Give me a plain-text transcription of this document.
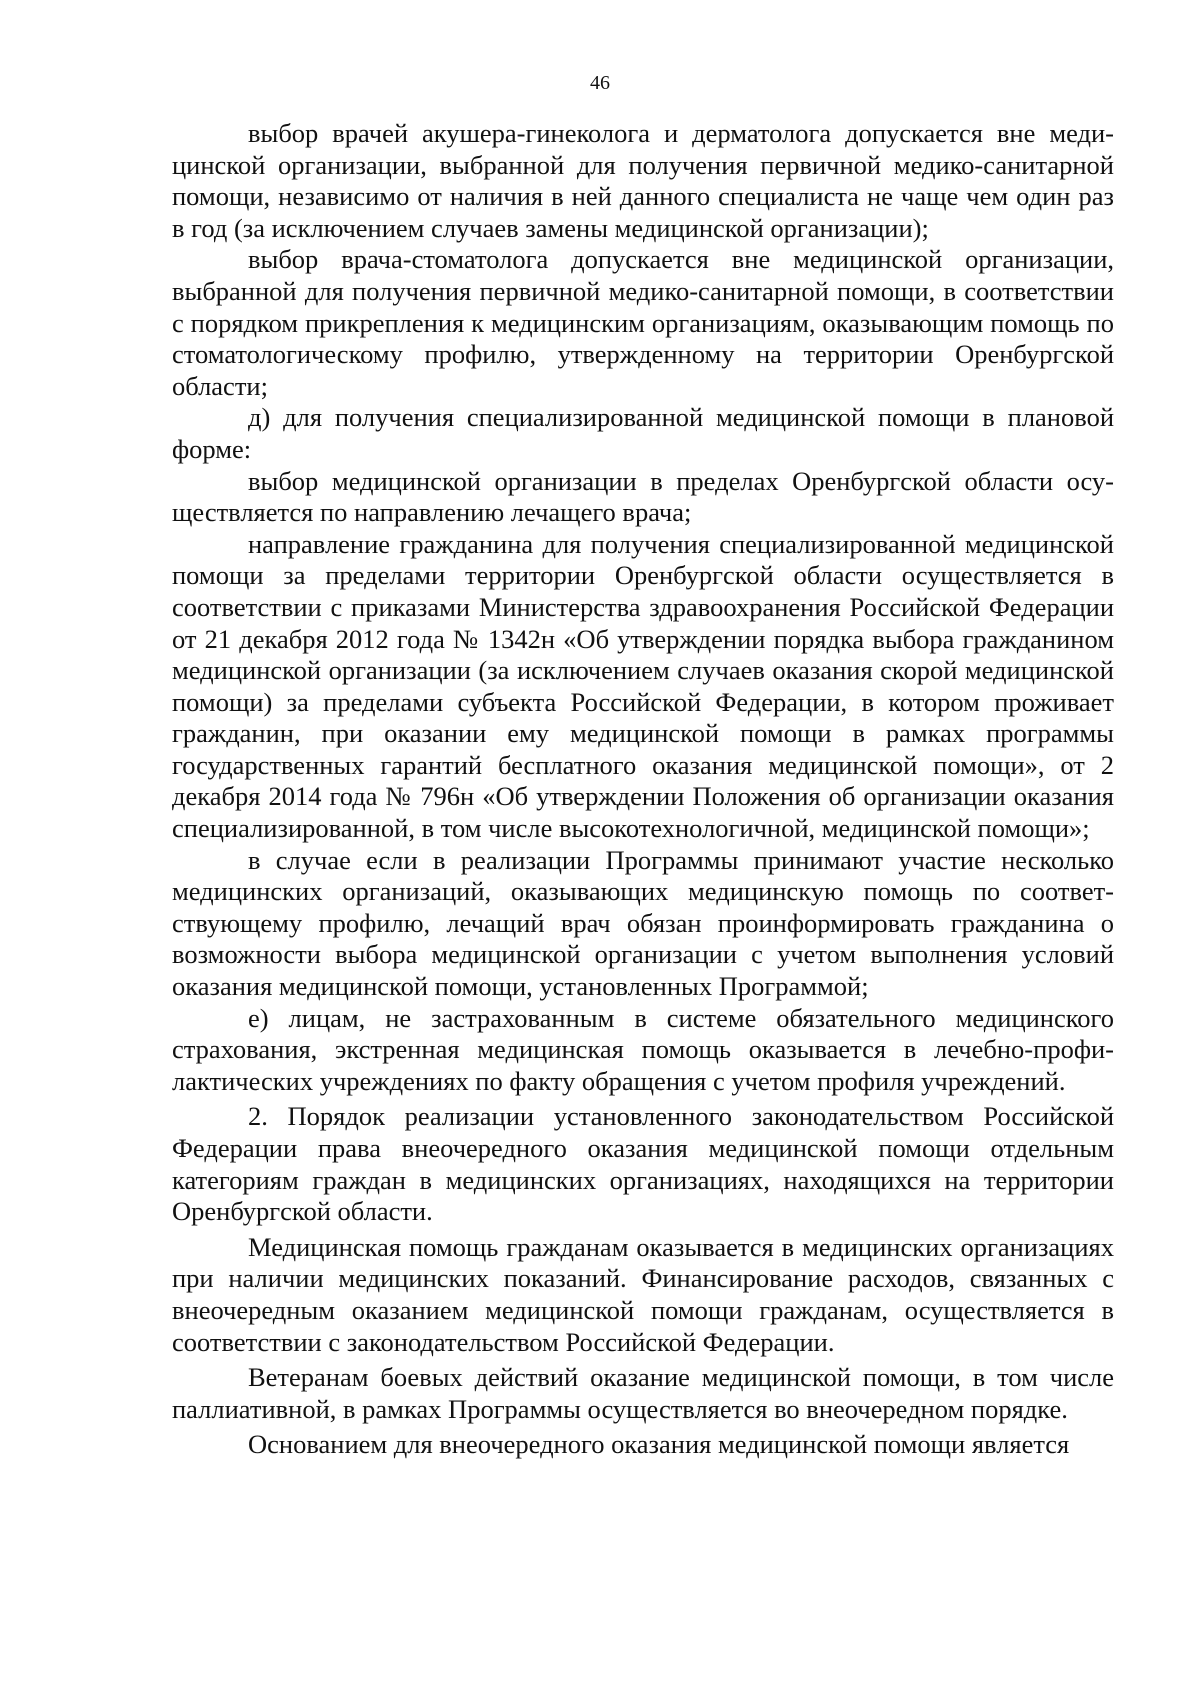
46

выбор врачей акушера-гинеколога и дерматолога допускается вне медицинской организации, выбранной для получения первичной медико-санитарной помощи, независимо от наличия в ней данного специалиста не чаще чем один раз в год (за исключением случаев замены медицинской организации);

выбор врача-стоматолога допускается вне медицинской организации, выбранной для получения первичной медико-санитарной помощи, в соответствии с порядком прикрепления к медицинским организациям, оказывающим помощь по стоматологическому профилю, утвержденному на территории Оренбургской области;

д) для получения специализированной медицинской помощи в плановой форме:

выбор медицинской организации в пределах Оренбургской области осуществляется по направлению лечащего врача;

направление гражданина для получения специализированной медицинской помощи за пределами территории Оренбургской области осуществляется в соответствии с приказами Министерства здравоохранения Российской Федерации от 21 декабря 2012 года № 1342н «Об утверждении порядка выбора гражданином медицинской организации (за исключением случаев оказания скорой медицинской помощи) за пределами субъекта Российской Федерации, в котором проживает гражданин, при оказании ему медицинской помощи в рамках программы государственных гарантий бесплатного оказания медицинской помощи», от 2 декабря 2014 года № 796н «Об утверждении Положения об организации оказания специализированной, в том числе высокотехнологичной, медицинской помощи»;

в случае если в реализации Программы принимают участие несколько медицинских организаций, оказывающих медицинскую помощь по соответствующему профилю, лечащий врач обязан проинформировать гражданина о возможности выбора медицинской организации с учетом выполнения условий оказания медицинской помощи, установленных Программой;

е) лицам, не застрахованным в системе обязательного медицинского страхования, экстренная медицинская помощь оказывается в лечебно-профилактических учреждениях по факту обращения с учетом профиля учреждений.

2. Порядок реализации установленного законодательством Российской Федерации права внеочередного оказания медицинской помощи отдельным категориям граждан в медицинских организациях, находящихся на территории Оренбургской области.

Медицинская помощь гражданам оказывается в медицинских организациях при наличии медицинских показаний. Финансирование расходов, связанных с внеочередным оказанием медицинской помощи гражданам, осуществляется в соответствии с законодательством Российской Федерации.

Ветеранам боевых действий оказание медицинской помощи, в том числе паллиативной, в рамках Программы осуществляется во внеочередном порядке.

Основанием для внеочередного оказания медицинской помощи является
